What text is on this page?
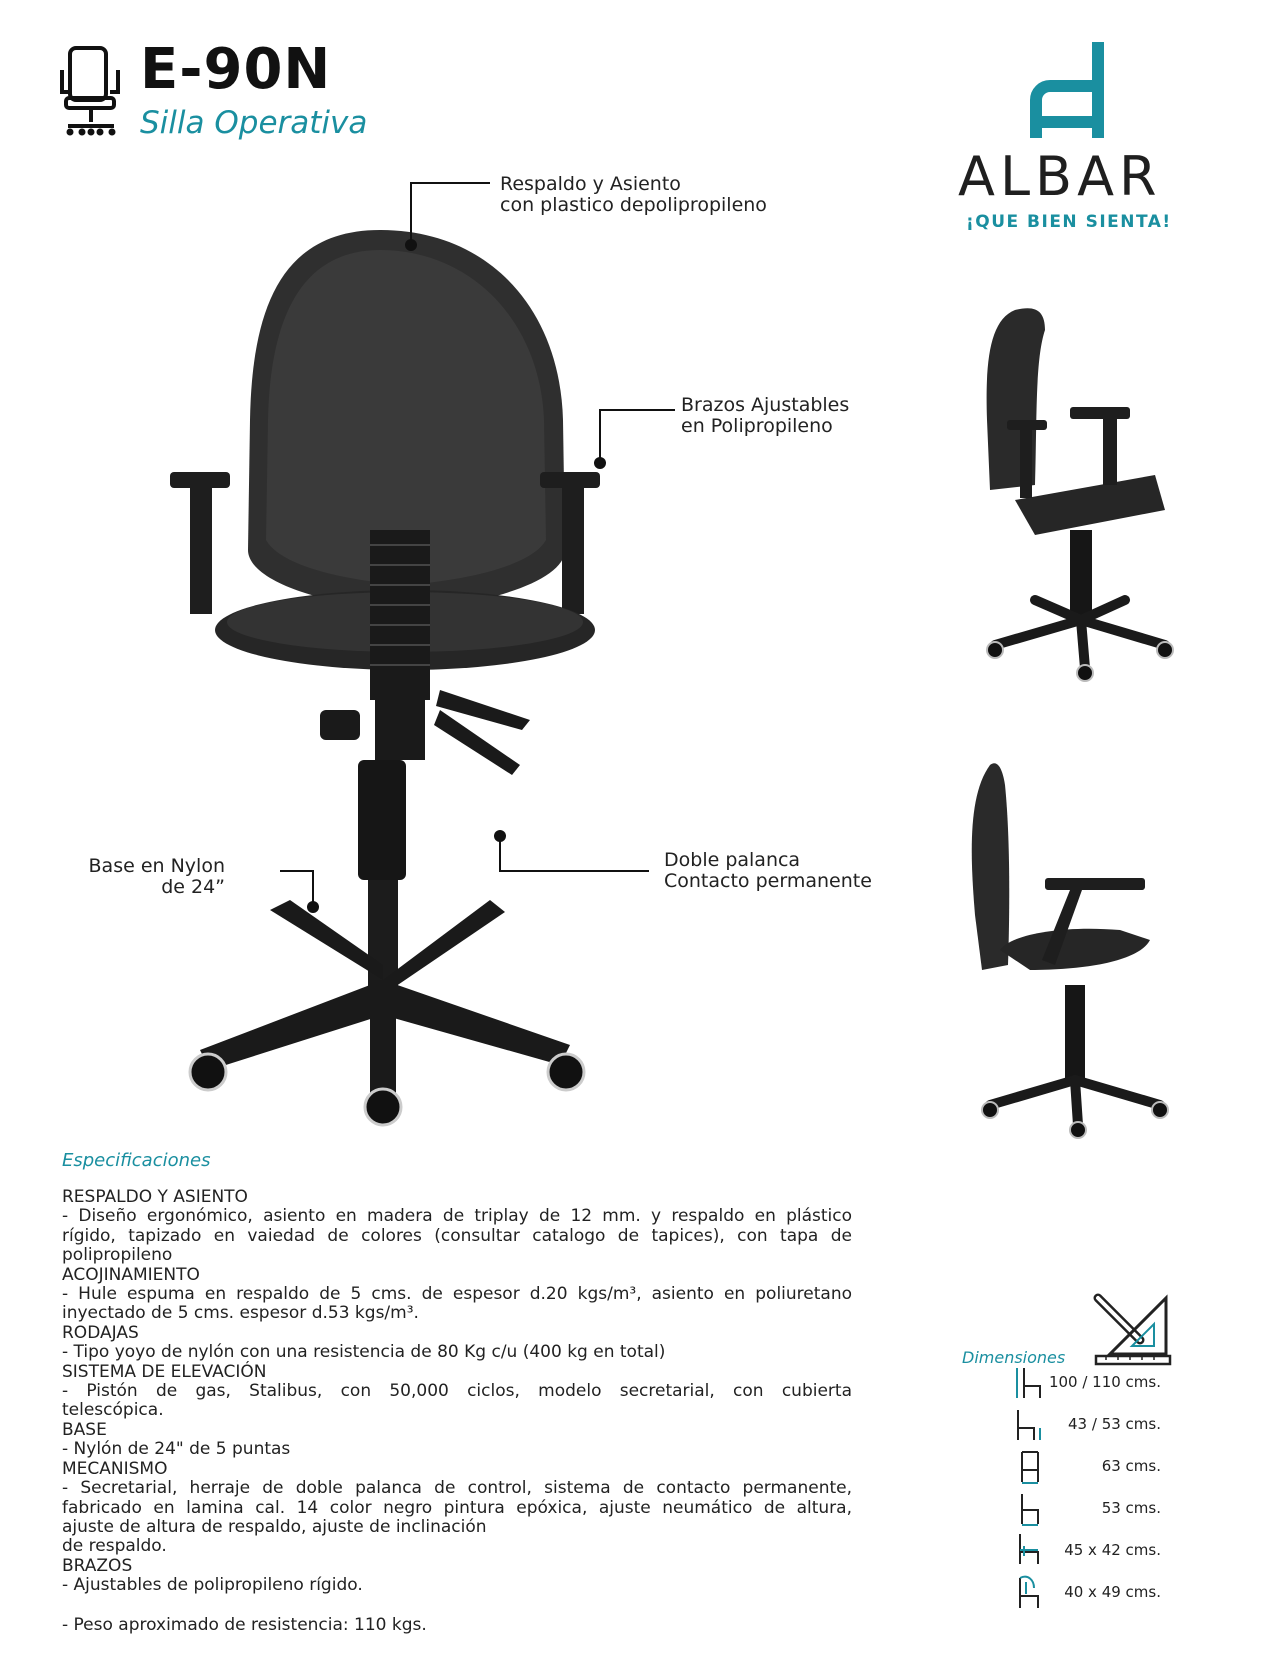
E-90N
Silla Operativa
ALBAR
¡QUE BIEN SIENTA!
Respaldo y Asiento
con plastico depolipropileno
Brazos Ajustables
en Polipropileno
Base en Nylon
de 24”
Doble palanca
Contacto permanente
Especificaciones
RESPALDO Y ASIENTO
- Diseño ergonómico, asiento en madera de triplay de 12 mm. y respaldo en plástico
rígido, tapizado en vaiedad de colores (consultar catalogo de tapices), con tapa de
polipropileno
ACOJINAMIENTO
- Hule espuma en respaldo de 5 cms. de espesor d.20 kgs/m³, asiento en poliuretano
inyectado de 5 cms. espesor d.53 kgs/m³.
RODAJAS
- Tipo yoyo de nylón con una resistencia de 80 Kg c/u (400 kg en total)
SISTEMA DE ELEVACIÓN
- Pistón de gas, Stalibus, con 50,000 ciclos, modelo secretarial, con cubierta
telescópica.
BASE
- Nylón de 24" de 5 puntas
MECANISMO
- Secretarial, herraje de doble palanca de control, sistema de contacto permanente,
fabricado en lamina cal. 14 color negro pintura epóxica, ajuste neumático de altura,
ajuste de altura de respaldo, ajuste de inclinación
de respaldo.
BRAZOS
- Ajustables de polipropileno rígido.
- Peso aproximado de resistencia: 110 kgs.
Dimensiones
100 / 110 cms.
43 / 53 cms.
63 cms.
53 cms.
45 x 42 cms.
40 x 49 cms.
